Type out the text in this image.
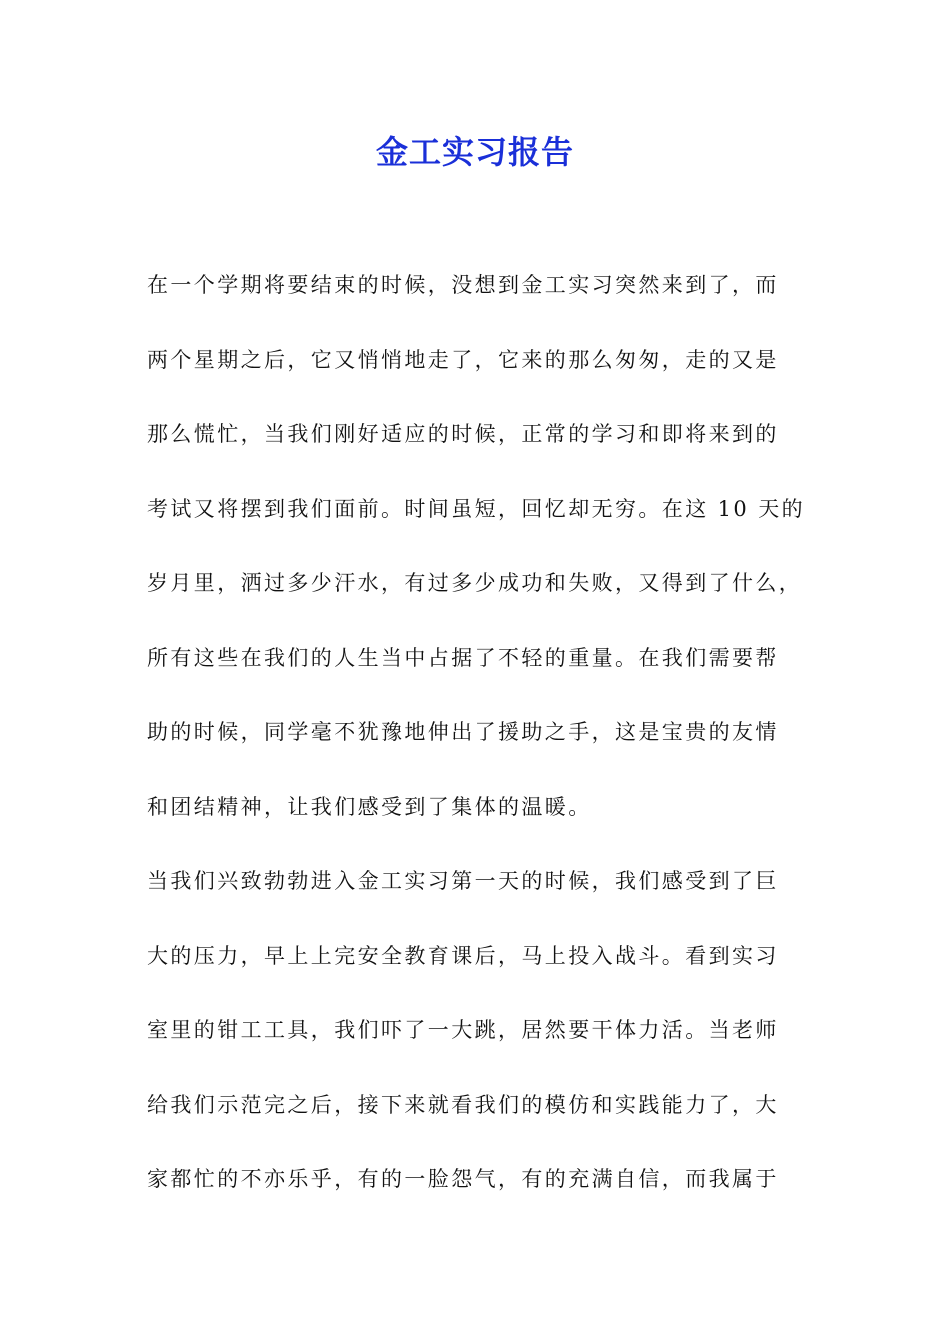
金工实习报告
在一个学期将要结束的时候，没想到金工实习突然来到了，而
两个星期之后，它又悄悄地走了，它来的那么匆匆，走的又是
那么慌忙，当我们刚好适应的时候，正常的学习和即将来到的
考试又将摆到我们面前。时间虽短，回忆却无穷。在这 10 天的
岁月里，洒过多少汗水，有过多少成功和失败，又得到了什么，
所有这些在我们的人生当中占据了不轻的重量。在我们需要帮
助的时候，同学毫不犹豫地伸出了援助之手，这是宝贵的友情
和团结精神，让我们感受到了集体的温暖。
当我们兴致勃勃进入金工实习第一天的时候，我们感受到了巨
大的压力，早上上完安全教育课后，马上投入战斗。看到实习
室里的钳工工具，我们吓了一大跳，居然要干体力活。当老师
给我们示范完之后，接下来就看我们的模仿和实践能力了，大
家都忙的不亦乐乎，有的一脸怨气，有的充满自信，而我属于
